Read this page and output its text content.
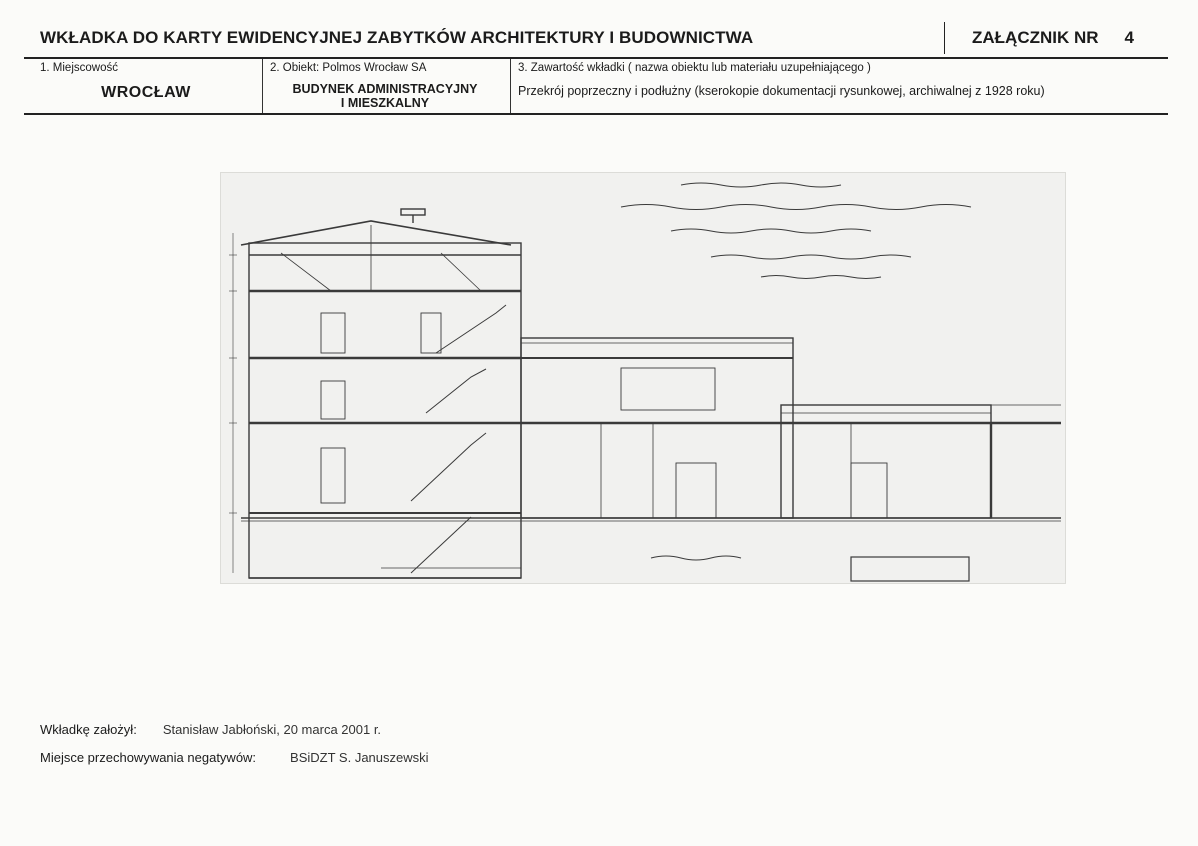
WKŁADKA DO KARTY EWIDENCYJNEJ ZABYTKÓW ARCHITEKTURY I BUDOWNICTWA	ZAŁĄCZNIK NR 4
1. Miejscowość
WROCŁAW
2. Obiekt: Polmos Wrocław SA
BUDYNEK ADMINISTRACYJNY
I MIESZKALNY
3. Zawartość wkładki ( nazwa obiektu lub materiału uzupełniającego )
Przekrój poprzeczny i podłużny (kserokopie dokumentacji rysunkowej, archiwalnej z 1928 roku)
Wkładkę założył: Stanisław Jabłoński, 20 marca 2001 r.
Miejsce przechowywania negatywów:	BSiDZT S. Januszewski
